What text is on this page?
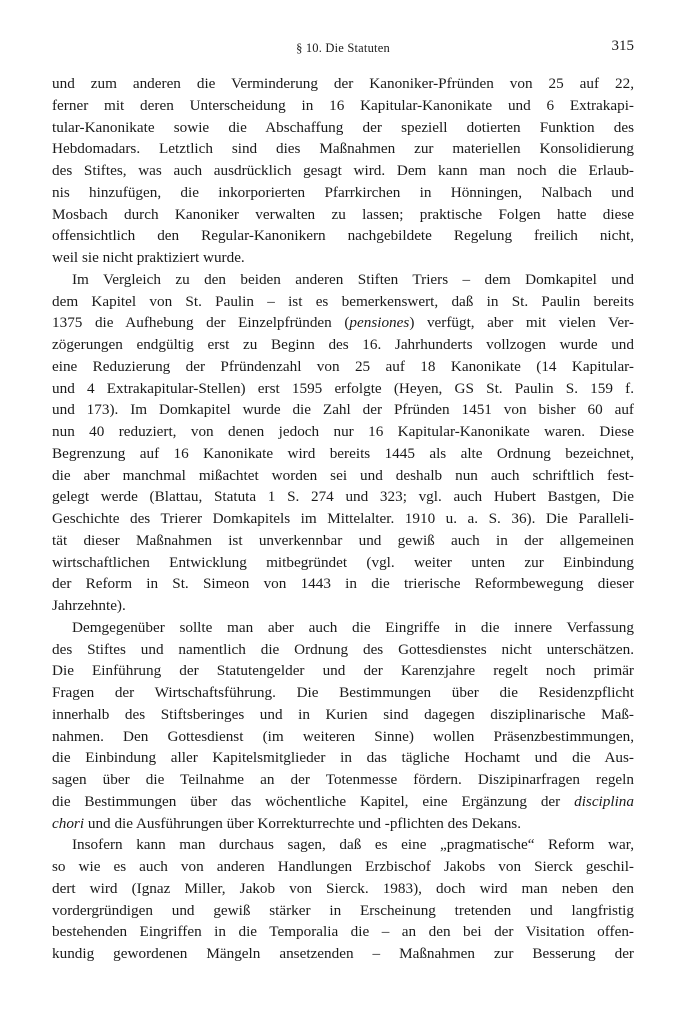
§ 10. Die Statuten	315
und zum anderen die Verminderung der Kanoniker-Pfründen von 25 auf 22,
ferner mit deren Unterscheidung in 16 Kapitular-Kanonikate und 6 Extrakapi-
tular-Kanonikate sowie die Abschaffung der speziell dotierten Funktion des
Hebdomadars. Letztlich sind dies Maßnahmen zur materiellen Konsolidierung
des Stiftes, was auch ausdrücklich gesagt wird. Dem kann man noch die Erlaub-
nis hinzufügen, die inkorporierten Pfarrkirchen in Hönningen, Nalbach und
Mosbach durch Kanoniker verwalten zu lassen; praktische Folgen hatte diese
offensichtlich den Regular-Kanonikern nachgebildete Regelung freilich nicht,
weil sie nicht praktiziert wurde.
Im Vergleich zu den beiden anderen Stiften Triers – dem Domkapitel und
dem Kapitel von St. Paulin – ist es bemerkenswert, daß in St. Paulin bereits
1375 die Aufhebung der Einzelpfründen (pensiones) verfügt, aber mit vielen Ver-
zögerungen endgültig erst zu Beginn des 16. Jahrhunderts vollzogen wurde und
eine Reduzierung der Pfründenzahl von 25 auf 18 Kanonikate (14 Kapitular-
und 4 Extrakapitular-Stellen) erst 1595 erfolgte (Heyen, GS St. Paulin S. 159 f.
und 173). Im Domkapitel wurde die Zahl der Pfründen 1451 von bisher 60 auf
nun 40 reduziert, von denen jedoch nur 16 Kapitular-Kanonikate waren. Diese
Begrenzung auf 16 Kanonikate wird bereits 1445 als alte Ordnung bezeichnet,
die aber manchmal mißachtet worden sei und deshalb nun auch schriftlich fest-
gelegt werde (Blattau, Statuta 1 S. 274 und 323; vgl. auch Hubert Bastgen, Die
Geschichte des Trierer Domkapitels im Mittelalter. 1910 u. a. S. 36). Die Paralleli-
tät dieser Maßnahmen ist unverkennbar und gewiß auch in der allgemeinen
wirtschaftlichen Entwicklung mitbegründet (vgl. weiter unten zur Einbindung
der Reform in St. Simeon von 1443 in die trierische Reformbewegung dieser
Jahrzehnte).
Demgegenüber sollte man aber auch die Eingriffe in die innere Verfassung
des Stiftes und namentlich die Ordnung des Gottesdienstes nicht unterschätzen.
Die Einführung der Statutengelder und der Karenzjahre regelt noch primär
Fragen der Wirtschaftsführung. Die Bestimmungen über die Residenzpflicht
innerhalb des Stiftsberinges und in Kurien sind dagegen disziplinarische Maß-
nahmen. Den Gottesdienst (im weiteren Sinne) wollen Präsenzbestimmungen,
die Einbindung aller Kapitelsmitglieder in das tägliche Hochamt und die Aus-
sagen über die Teilnahme an der Totenmesse fördern. Diszipinarfragen regeln
die Bestimmungen über das wöchentliche Kapitel, eine Ergänzung der disciplina
chori und die Ausführungen über Korrekturrechte und -pflichten des Dekans.
Insofern kann man durchaus sagen, daß es eine „pragmatische“ Reform war,
so wie es auch von anderen Handlungen Erzbischof Jakobs von Sierck geschil-
dert wird (Ignaz Miller, Jakob von Sierck. 1983), doch wird man neben den
vordergründigen und gewiß stärker in Erscheinung tretenden und langfristig
bestehenden Eingriffen in die Temporalia die – an den bei der Visitation offen-
kundig gewordenen Mängeln ansetzenden – Maßnahmen zur Besserung der
